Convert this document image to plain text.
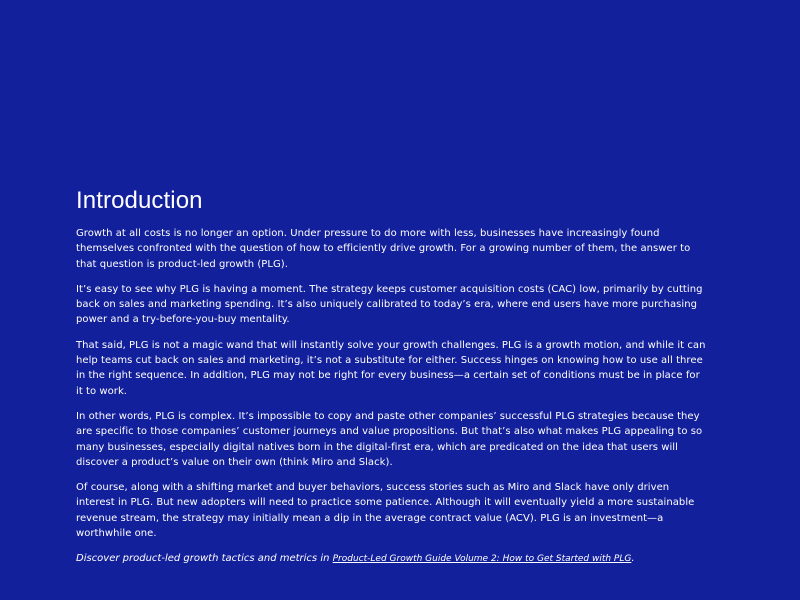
Introduction

Growth at all costs is no longer an option. Under pressure to do more with less, businesses have increasingly found themselves confronted with the question of how to efficiently drive growth. For a growing number of them, the answer to that question is product-led growth (PLG).

It’s easy to see why PLG is having a moment. The strategy keeps customer acquisition costs (CAC) low, primarily by cutting back on sales and marketing spending. It’s also uniquely calibrated to today’s era, where end users have more purchasing power and a try-before-you-buy mentality.

That said, PLG is not a magic wand that will instantly solve your growth challenges. PLG is a growth motion, and while it can help teams cut back on sales and marketing, it’s not a substitute for either. Success hinges on knowing how to use all three in the right sequence. In addition, PLG may not be right for every business—a certain set of conditions must be in place for it to work.

In other words, PLG is complex. It’s impossible to copy and paste other companies’ successful PLG strategies because they are specific to those companies’ customer journeys and value propositions. But that’s also what makes PLG appealing to so many businesses, especially digital natives born in the digital-first era, which are predicated on the idea that users will discover a product’s value on their own (think Miro and Slack).

Of course, along with a shifting market and buyer behaviors, success stories such as Miro and Slack have only driven interest in PLG. But new adopters will need to practice some patience. Although it will eventually yield a more sustainable revenue stream, the strategy may initially mean a dip in the average contract value (ACV). PLG is an investment—a worthwhile one.

Discover product-led growth tactics and metrics in Product-Led Growth Guide Volume 2: How to Get Started with PLG.
